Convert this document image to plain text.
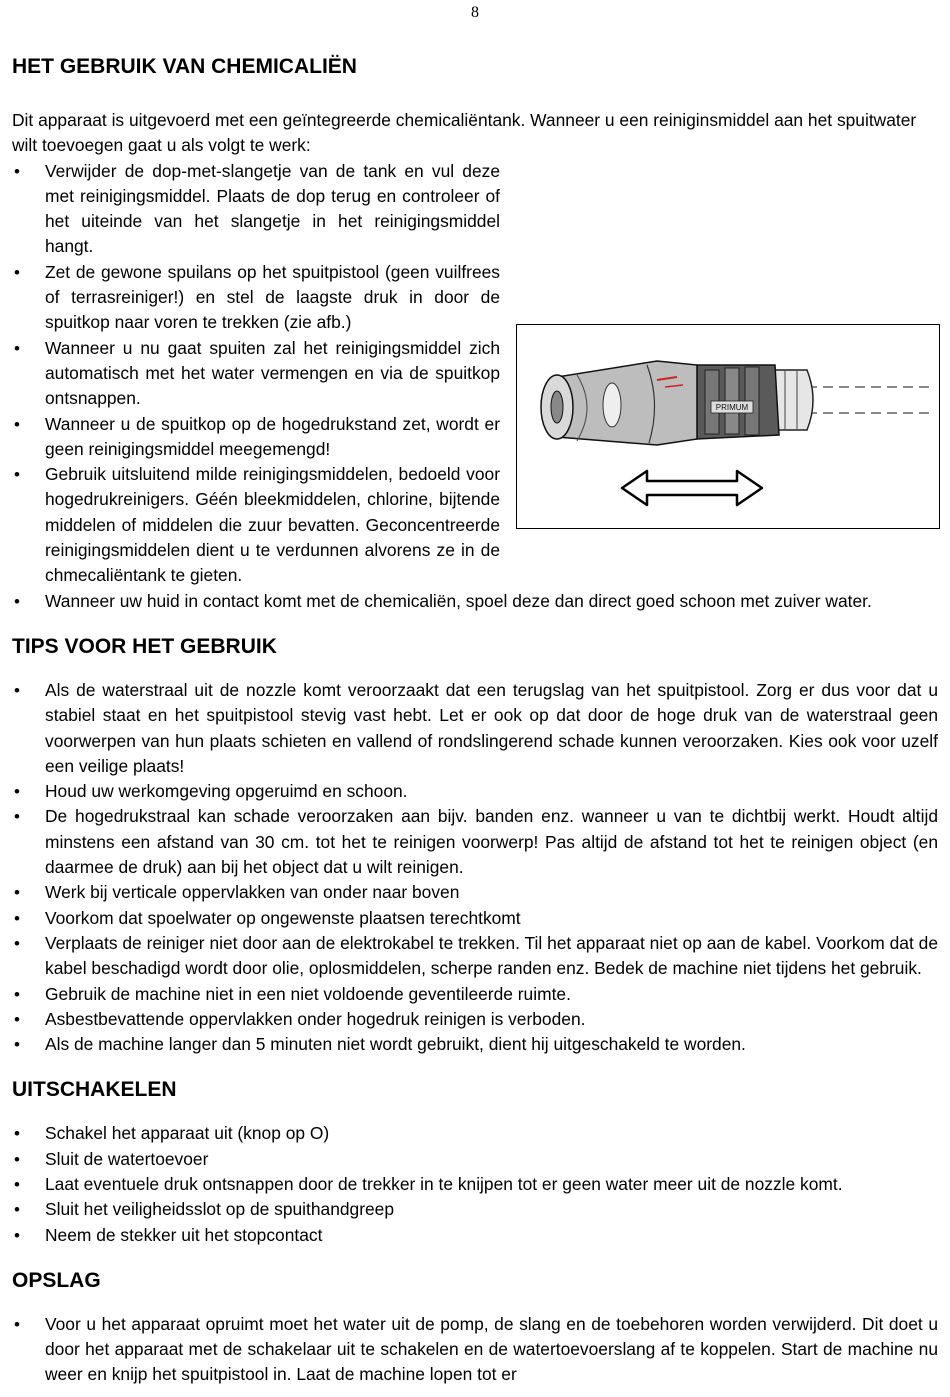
8
HET GEBRUIK VAN CHEMICALIËN

Dit apparaat is uitgevoerd met een geïntegreerde chemicaliëntank. Wanneer u een reiniginsmiddel aan het spuitwater wilt toevoegen gaat u als volgt te werk:

• Verwijder de dop-met-slangetje van de tank en vul deze met reinigingsmiddel. Plaats de dop terug en controleer of het uiteinde van het slangetje in het reinigingsmiddel hangt.
• Zet de gewone spuilans op het spuitpistool (geen vuilfrees of terrasreiniger!) en stel de laagste druk in door de spuitkop naar voren te trekken (zie afb.)
• Wanneer u nu gaat spuiten zal het reinigingsmiddel zich automatisch met het water vermengen en via de spuitkop ontsnappen.
• Wanneer u de spuitkop op de hogedrukstand zet, wordt er geen reinigingsmiddel meegemengd!
• Gebruik uitsluitend milde reinigingsmiddelen, bedoeld voor hogedrukreinigers. Géén bleekmiddelen, chlorine, bijtende middelen of middelen die zuur bevatten. Geconcentreerde reinigingsmiddelen dient u te verdunnen alvorens ze in de chmecaliëntank te gieten.
• Wanneer uw huid in contact komt met de chemicaliën, spoel deze dan direct goed schoon met zuiver water.
TIPS VOOR HET GEBRUIK
• Als de waterstraal uit de nozzle komt veroorzaakt dat een terugslag van het spuitpistool. Zorg er dus voor dat u stabiel staat en het spuitpistool stevig vast hebt. Let er ook op dat door de hoge druk van de waterstraal geen voorwerpen van hun plaats schieten en vallend of rondslingerend schade kunnen veroorzaken. Kies ook voor uzelf een veilige plaats!
• Houd uw werkomgeving opgeruimd en schoon.
• De hogedrukstraal kan schade veroorzaken aan bijv. banden enz. wanneer u van te dichtbij werkt. Houdt altijd minstens een afstand van 30 cm. tot het te reinigen voorwerp! Pas altijd de afstand tot het te reinigen object (en daarmee de druk) aan bij het object dat u wilt reinigen.
• Werk bij verticale oppervlakken van onder naar boven
• Voorkom dat spoelwater op ongewenste plaatsen terechtkomt
• Verplaats de reiniger niet door aan de elektrokabel te trekken. Til het apparaat niet op aan de kabel. Voorkom dat de kabel beschadigd wordt door olie, oplosmiddelen, scherpe randen enz. Bedek de machine niet tijdens het gebruik.
• Gebruik de machine niet in een niet voldoende geventileerde ruimte.
• Asbestbevattende oppervlakken onder hogedruk reinigen is verboden.
• Als de machine langer dan 5 minuten niet wordt gebruikt, dient hij uitgeschakeld te worden.
UITSCHAKELEN
• Schakel het apparaat uit (knop op O)
• Sluit de watertoevoer
• Laat eventuele druk ontsnappen door de trekker in te knijpen tot er geen water meer uit de nozzle komt.
• Sluit het veiligheidsslot op de spuithandgreep
• Neem de stekker uit het stopcontact
OPSLAG
• Voor u het apparaat opruimt moet het water uit de pomp, de slang en de toebehoren worden verwijderd. Dit doet u door het apparaat met de schakelaar uit te schakelen en de watertoevoerslang af te koppelen. Start de machine nu weer en knijp het spuitpistool in. Laat de machine lopen tot er
PRIMUM
